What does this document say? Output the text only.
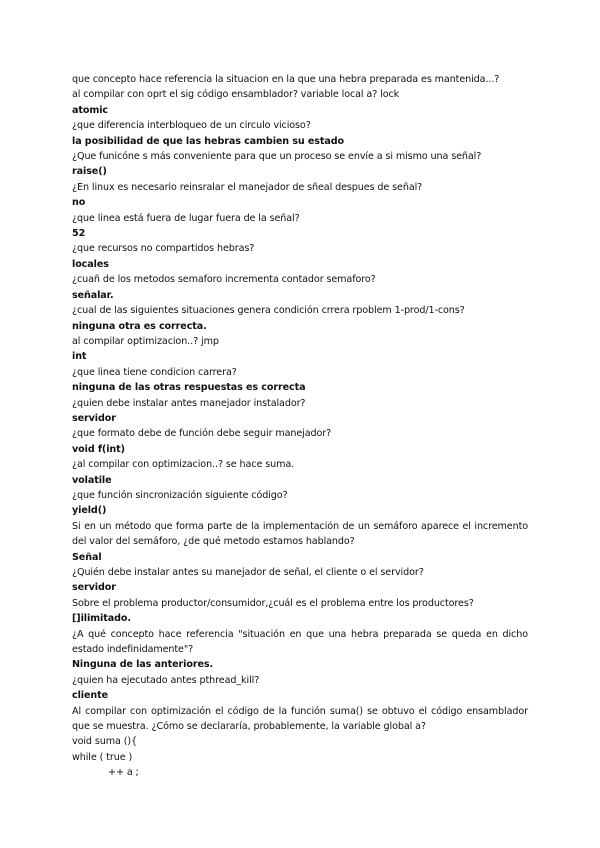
que concepto hace referencia la situacion en la que una hebra preparada es mantenida...?
al compilar con oprt el sig código ensamblador? variable local a? lock
atomic
¿que diferencia interbloqueo de un circulo vicioso?
la posibilidad de que las hebras cambien su estado
¿Que funicóne s más conveniente para que un proceso se envíe a si mismo una señal?
raise()
¿En linux es necesario reinsralar el manejador de sñeal despues de señal?
no
¿que linea está fuera de lugar fuera de la señal?
52
¿que recursos no compartidos hebras?
locales
¿cuañ de los metodos semaforo incrementa contador semaforo?
señalar.
¿cual de las siguientes situaciones genera condición crrera rpoblem 1-prod/1-cons?
ninguna otra es correcta.
al compilar optimizacion..? jmp
int
¿que linea tiene condicion carrera?
ninguna de las otras respuestas es correcta
¿quien debe instalar antes manejador instalador?
servidor
¿que formato debe de función debe seguir manejador?
void f(int)
¿al compilar con optimizacion..? se hace suma.
volatile
¿que función sincronización siguiente código?
yield()
Si en un método que forma parte de la implementación de un semáforo aparece el incremento
del valor del semáforo, ¿de qué metodo estamos hablando?
Señal
¿Quién debe instalar antes su manejador de señal, el cliente o el servidor?
servidor
Sobre el problema productor/consumidor,¿cuál es el problema entre los productores?
[]ilimitado.
¿A qué concepto hace referencia "situación en que una hebra preparada se queda en dicho
estado indefinidamente"?
Ninguna de las anteriores.
¿quien ha ejecutado antes pthread_kill?
cliente
Al compilar con optimización el código de la función suma() se obtuvo el código ensamblador
que se muestra. ¿Cómo se declararía, probablemente, la variable global a?
void suma (){
while ( true )
++ a ;
